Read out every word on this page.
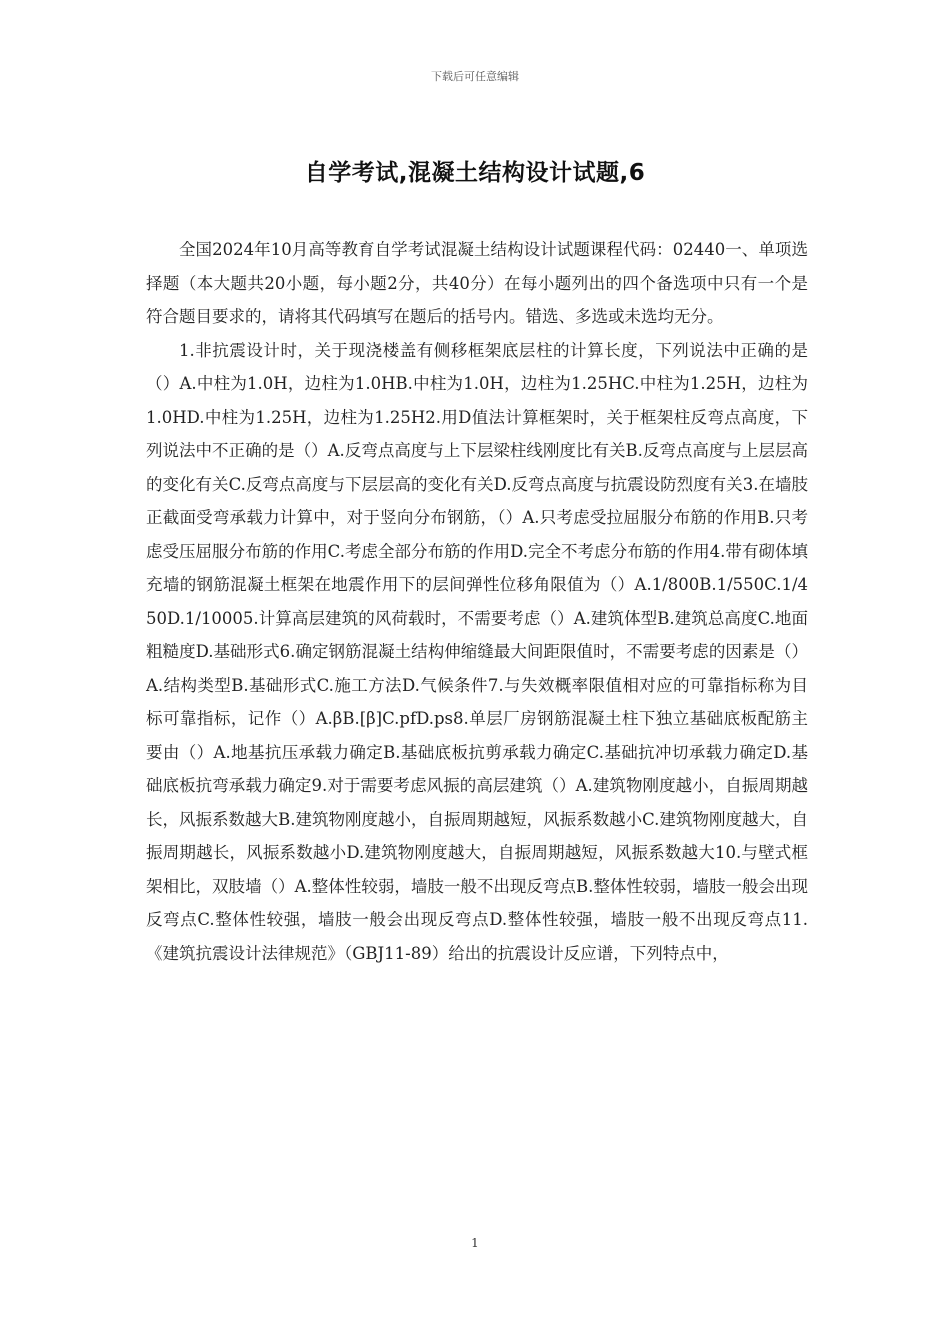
下载后可任意编辑
自学考试,混凝土结构设计试题,6

全国2024年10月高等教育自学考试混凝土结构设计试题课程代码：02440一、单项选择题（本大题共20小题，每小题2分，共40分）在每小题列出的四个备选项中只有一个是符合题目要求的，请将其代码填写在题后的括号内。错选、多选或未选均无分。

1.非抗震设计时，关于现浇楼盖有侧移框架底层柱的计算长度，下列说法中正确的是（）A.中柱为1.0H，边柱为1.0HB.中柱为1.0H，边柱为1.25HC.中柱为1.25H，边柱为1.0HD.中柱为1.25H，边柱为1.25H2.用D值法计算框架时，关于框架柱反弯点高度，下列说法中不正确的是（）A.反弯点高度与上下层梁柱线刚度比有关B.反弯点高度与上层层高的变化有关C.反弯点高度与下层层高的变化有关D.反弯点高度与抗震设防烈度有关3.在墙肢正截面受弯承载力计算中，对于竖向分布钢筋，（）A.只考虑受拉屈服分布筋的作用B.只考虑受压屈服分布筋的作用C.考虑全部分布筋的作用D.完全不考虑分布筋的作用4.带有砌体填充墙的钢筋混凝土框架在地震作用下的层间弹性位移角限值为（）A.1/800B.1/550C.1/450D.1/10005.计算高层建筑的风荷载时，不需要考虑（）A.建筑体型B.建筑总高度C.地面粗糙度D.基础形式6.确定钢筋混凝土结构伸缩缝最大间距限值时，不需要考虑的因素是（）A.结构类型B.基础形式C.施工方法D.气候条件7.与失效概率限值相对应的可靠指标称为目标可靠指标，记作（）A.βB.[β]C.pfD.ps8.单层厂房钢筋混凝土柱下独立基础底板配筋主要由（）A.地基抗压承载力确定B.基础底板抗剪承载力确定C.基础抗冲切承载力确定D.基础底板抗弯承载力确定9.对于需要考虑风振的高层建筑（）A.建筑物刚度越小，自振周期越长，风振系数越大B.建筑物刚度越小，自振周期越短，风振系数越小C.建筑物刚度越大，自振周期越长，风振系数越小D.建筑物刚度越大，自振周期越短，风振系数越大10.与壁式框架相比，双肢墙（）A.整体性较弱，墙肢一般不出现反弯点B.整体性较弱，墙肢一般会出现反弯点C.整体性较强，墙肢一般会出现反弯点D.整体性较强，墙肢一般不出现反弯点11.《建筑抗震设计法律规范》（GBJ11-89）给出的抗震设计反应谱，下列特点中，

1
